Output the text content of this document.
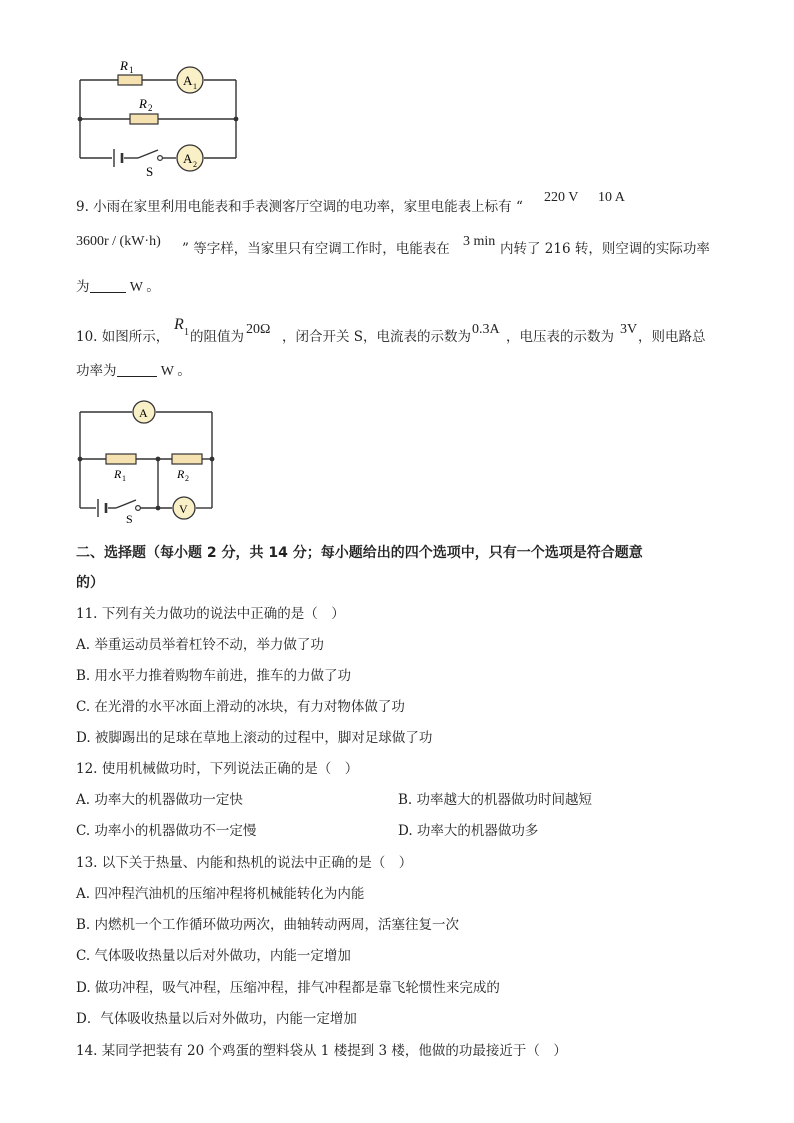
R 1
R 2
A 1
A 2
S
9. 小雨在家里利用电能表和手表测客厅空调的电功率，家里电能表上标有 “
220 V 10 A
3600r / (kW·h) ” 等字样，当家里只有空调工作时，电能表在 3 min 内转了 216 转，则空调的实际功率
为	W 。
10. 如图所示，
R 1 的阻值为 20Ω ，闭合开关 S，电流表的示数为 0.3A ，电压表的示数为 3V ，则电路总
功率为	W 。
A
V
R 1	R 2
S
二、选择题（每小题 2 分，共 14 分；每小题给出的四个选项中，只有一个选项是符合题意
的）
11. 下列有关力做功的说法中正确的是（　）
A. 举重运动员举着杠铃不动，举力做了功
B. 用水平力推着购物车前进，推车的力做了功
C. 在光滑的水平冰面上滑动的冰块，有力对物体做了功
D. 被脚踢出的足球在草地上滚动的过程中，脚对足球做了功
12. 使用机械做功时，下列说法正确的是（　）
A. 功率大的机器做功一定快	B. 功率越大的机器做功时间越短
C. 功率小的机器做功不一定慢	D. 功率大的机器做功多
13. 以下关于热量、内能和热机的说法中正确的是（　）
A. 四冲程汽油机的压缩冲程将机械能转化为内能
B. 内燃机一个工作循环做功两次，曲轴转动两周，活塞往复一次
C. 气体吸收热量以后对外做功，内能一定增加
D. 做功冲程，吸气冲程，压缩冲程，排气冲程都是靠飞轮惯性来完成的
D．气体吸收热量以后对外做功，内能一定增加
14. 某同学把装有 20 个鸡蛋的塑料袋从 1 楼提到 3 楼，他做的功最接近于（　）
